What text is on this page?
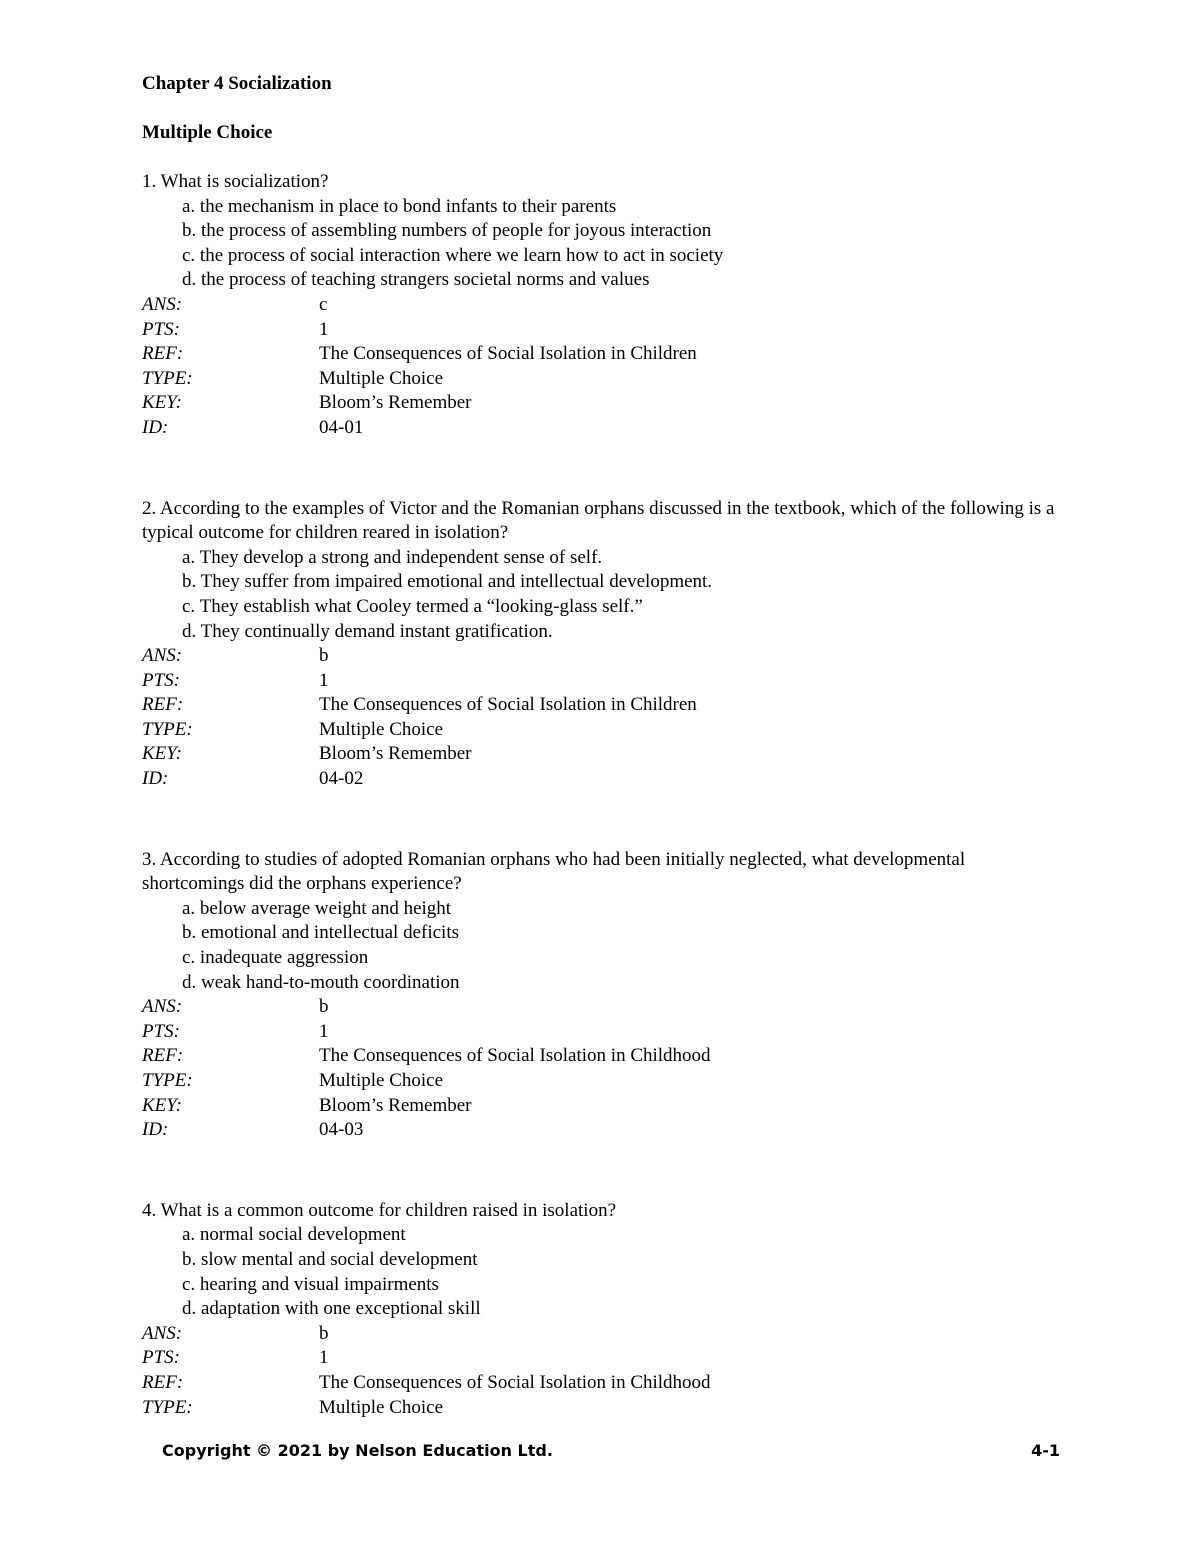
Chapter 4 Socialization

Multiple Choice

1. What is socialization?

a. the mechanism in place to bond infants to their parents
b. the process of assembling numbers of people for joyous interaction
c. the process of social interaction where we learn how to act in society
d. the process of teaching strangers societal norms and values
ANS:	c
PTS:	1
REF:	The Consequences of Social Isolation in Children
TYPE:	Multiple Choice
KEY:	Bloom’s Remember
ID:	04-01

2. According to the examples of Victor and the Romanian orphans discussed in the textbook, which of the following is a typical outcome for children reared in isolation?

a. They develop a strong and independent sense of self.
b. They suffer from impaired emotional and intellectual development.
c. They establish what Cooley termed a “looking-glass self.”
d. They continually demand instant gratification.
ANS:	b
PTS:	1
REF:	The Consequences of Social Isolation in Children
TYPE:	Multiple Choice
KEY:	Bloom’s Remember
ID:	04-02

3. According to studies of adopted Romanian orphans who had been initially neglected, what developmental shortcomings did the orphans experience?

a. below average weight and height
b. emotional and intellectual deficits
c. inadequate aggression
d. weak hand-to-mouth coordination
ANS:	b
PTS:	1
REF:	The Consequences of Social Isolation in Childhood
TYPE:	Multiple Choice
KEY:	Bloom’s Remember
ID:	04-03

4. What is a common outcome for children raised in isolation?

a. normal social development
b. slow mental and social development
c. hearing and visual impairments
d. adaptation with one exceptional skill
ANS:	b
PTS:	1
REF:	The Consequences of Social Isolation in Childhood
TYPE:	Multiple Choice
Copyright © 2021 by Nelson Education Ltd.	4-1
